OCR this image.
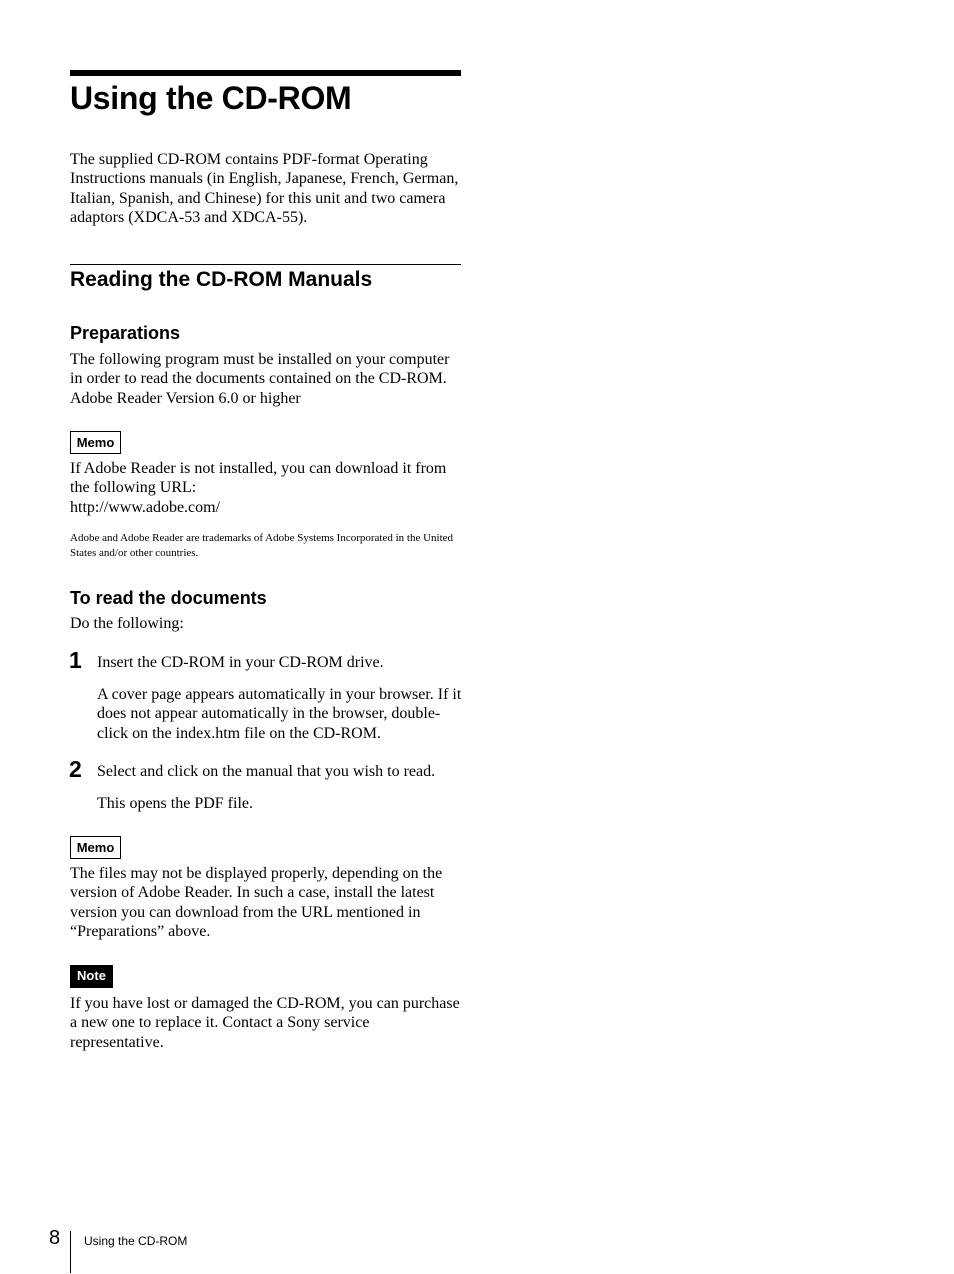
Using the CD-ROM

The supplied CD-ROM contains PDF-format Operating Instructions manuals (in English, Japanese, French, German, Italian, Spanish, and Chinese) for this unit and two camera adaptors (XDCA-53 and XDCA-55).

Reading the CD-ROM Manuals
Preparations

The following program must be installed on your computer in order to read the documents contained on the CD-ROM.

Adobe Reader Version 6.0 or higher

Memo

If Adobe Reader is not installed, you can download it from the following URL:

http://www.adobe.com/

Adobe and Adobe Reader are trademarks of Adobe Systems Incorporated in the United States and/or other countries.

To read the documents

Do the following:

1 Insert the CD-ROM in your CD-ROM drive.

A cover page appears automatically in your browser. If it does not appear automatically in the browser, double-click on the index.htm file on the CD-ROM.

2 Select and click on the manual that you wish to read.

This opens the PDF file.

Memo

The files may not be displayed properly, depending on the version of Adobe Reader. In such a case, install the latest version you can download from the URL mentioned in “Preparations” above.

Note

If you have lost or damaged the CD-ROM, you can purchase a new one to replace it. Contact a Sony service representative.

8 Using the CD-ROM
